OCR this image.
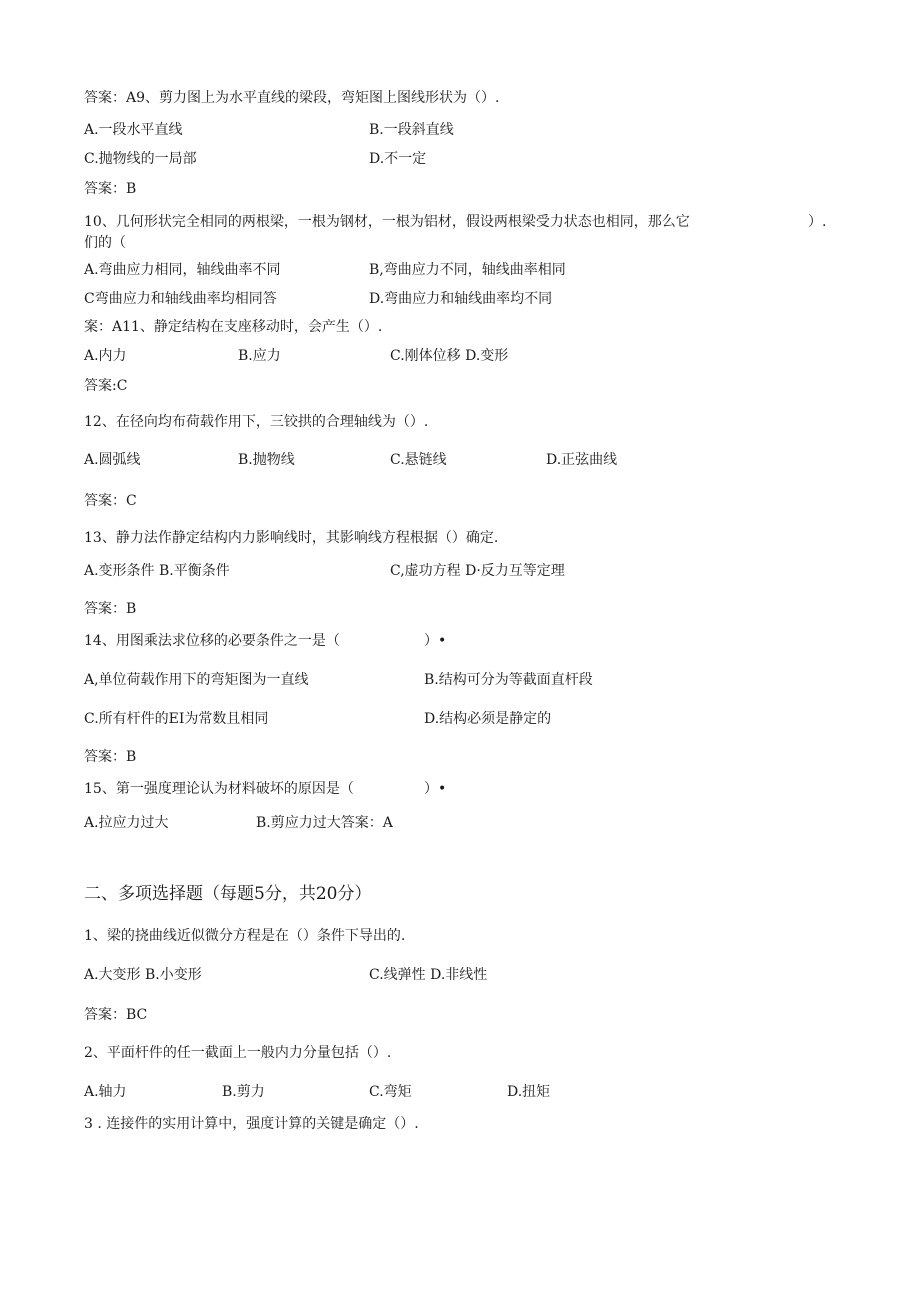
答案：A9、剪力图上为水平直线的梁段，弯矩图上图线形状为（）.
A.一段水平直线	B.一段斜直线
C.抛物线的一局部	D.不一定
答案：B
10、几何形状完全相同的两根梁，一根为钢材，一根为铝材，假设两根梁受力状态也相同，那么它	）.
们的（
A.弯曲应力相同，轴线曲率不同	B,弯曲应力不同，轴线曲率相同
C弯曲应力和轴线曲率均相同答	D.弯曲应力和轴线曲率均不同
案：A11、静定结构在支座移动时，会产生（）.
A.内力	B.应力	C.刚体位移 D.变形
答案:C
12、在径向均布荷载作用下，三铰拱的合理轴线为（）.
A.圆弧线	B.抛物线	C.悬链线	D.正弦曲线
答案：C
13、静力法作静定结构内力影响线时，其影响线方程根据（）确定.
A.变形条件 B.平衡条件	C,虚功方程 D·反力互等定理
答案：B
14、用图乘法求位移的必要条件之一是（	）•
A,单位荷载作用下的弯矩图为一直线	B.结构可分为等截面直杆段
C.所有杆件的EI为常数且相同	D.结构必须是静定的
答案：B
15、第一强度理论认为材料破坏的原因是（	）•
A.拉应力过大	B.剪应力过大答案：A
二、多项选择题（每题5分，共20分）
1、梁的挠曲线近似微分方程是在（）条件下导出的.
A.大变形 B.小变形	C.线弹性 D.非线性
答案：BC
2、平面杆件的任一截面上一般内力分量包括（）.
A.轴力	B.剪力	C.弯矩	D.扭矩
3 . 连接件的实用计算中，强度计算的关键是确定（）.
